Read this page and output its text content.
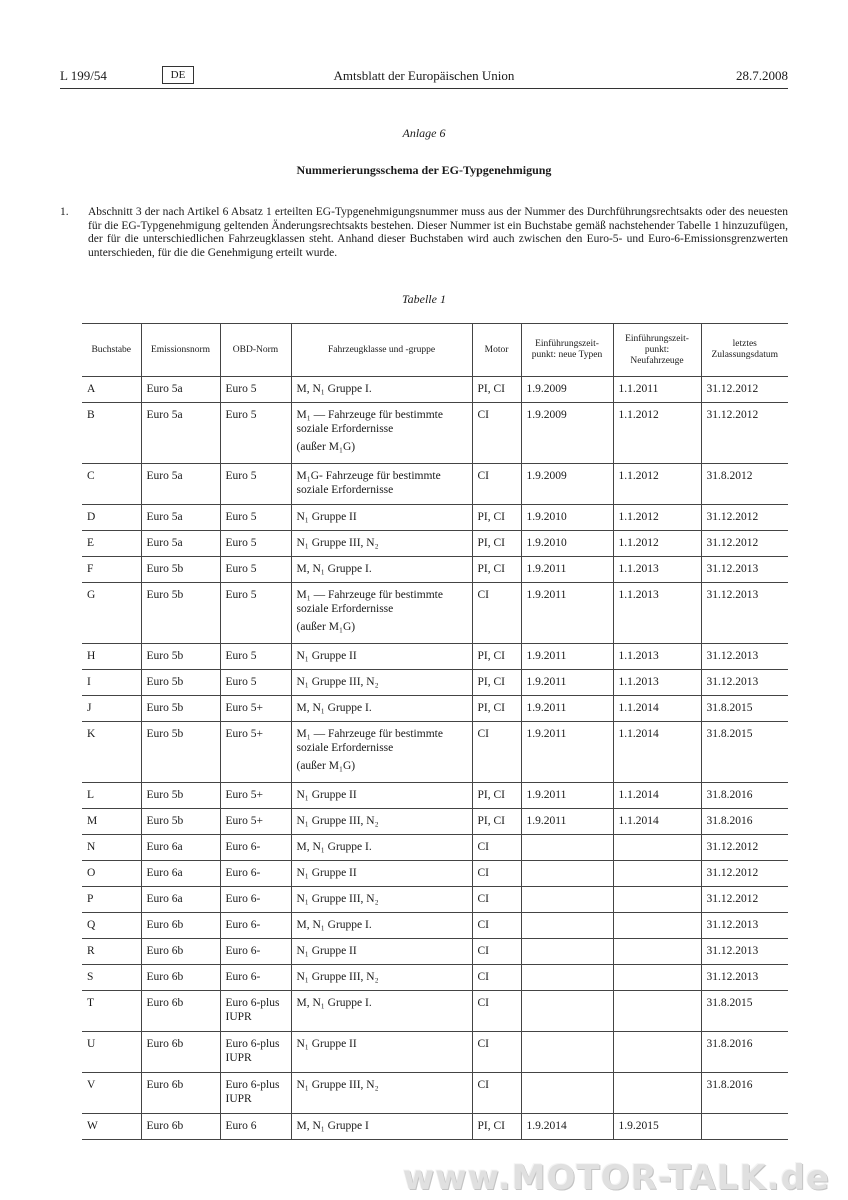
L 199/54	DE	Amtsblatt der Europäischen Union	28.7.2008
Anlage 6
Nummerierungsschema der EG-Typgenehmigung
1. Abschnitt 3 der nach Artikel 6 Absatz 1 erteilten EG-Typgenehmigungsnummer muss aus der Nummer des Durchführungsrechtsakts oder des neuesten für die EG-Typgenehmigung geltenden Änderungsrechtsakts bestehen. Dieser Nummer ist ein Buchstabe gemäß nachstehender Tabelle 1 hinzuzufügen, der für die unterschiedlichen Fahrzeugklassen steht. Anhand dieser Buchstaben wird auch zwischen den Euro-5- und Euro-6-Emissionsgrenzwerten unterschieden, für die die Genehmigung erteilt wurde.
Tabelle 1
Buchstabe	Emissionsnorm	OBD-Norm	Fahrzeugklasse und -gruppe	Motor	Einführungszeit-punkt: neue Typen	Einführungszeit-punkt: Neufahrzeuge	letztes Zulassungsdatum

A	Euro 5a	Euro 5	M, N₁ Gruppe I.	PI, CI	1.9.2009	1.1.2011	31.12.2012

B	Euro 5a	Euro 5	M₁ — Fahrzeuge für bestimmte soziale Erfordernisse
(außer M₁G)	CI	1.9.2009	1.1.2012	31.12.2012

C	Euro 5a	Euro 5	M₁G- Fahrzeuge für bestimmte soziale Erfordernisse	CI	1.9.2009	1.1.2012	31.8.2012

D	Euro 5a	Euro 5	N₁ Gruppe II	PI, CI	1.9.2010	1.1.2012	31.12.2012

E	Euro 5a	Euro 5	N₁ Gruppe III, N₂	PI, CI	1.9.2010	1.1.2012	31.12.2012

F	Euro 5b	Euro 5	M, N₁ Gruppe I.	PI, CI	1.9.2011	1.1.2013	31.12.2013

G	Euro 5b	Euro 5	M₁ — Fahrzeuge für bestimmte soziale Erfordernisse
(außer M₁G)	CI	1.9.2011	1.1.2013	31.12.2013

H	Euro 5b	Euro 5	N₁ Gruppe II	PI, CI	1.9.2011	1.1.2013	31.12.2013

I	Euro 5b	Euro 5	N₁ Gruppe III, N₂	PI, CI	1.9.2011	1.1.2013	31.12.2013

J	Euro 5b	Euro 5+	M, N₁ Gruppe I.	PI, CI	1.9.2011	1.1.2014	31.8.2015

K	Euro 5b	Euro 5+	M₁ — Fahrzeuge für bestimmte soziale Erfordernisse
(außer M₁G)	CI	1.9.2011	1.1.2014	31.8.2015

L	Euro 5b	Euro 5+	N₁ Gruppe II	PI, CI	1.9.2011	1.1.2014	31.8.2016

M	Euro 5b	Euro 5+	N₁ Gruppe III, N₂	PI, CI	1.9.2011	1.1.2014	31.8.2016

N	Euro 6a	Euro 6-	M, N₁ Gruppe I.	CI			31.12.2012

O	Euro 6a	Euro 6-	N₁ Gruppe II	CI			31.12.2012

P	Euro 6a	Euro 6-	N₁ Gruppe III, N₂	CI			31.12.2012

Q	Euro 6b	Euro 6-	M, N₁ Gruppe I.	CI			31.12.2013

R	Euro 6b	Euro 6-	N₁ Gruppe II	CI			31.12.2013

S	Euro 6b	Euro 6-	N₁ Gruppe III, N₂	CI			31.12.2013

T	Euro 6b	Euro 6-plus IUPR	M, N₁ Gruppe I.	CI			31.8.2015

U	Euro 6b	Euro 6-plus IUPR	N₁ Gruppe II	CI			31.8.2016

V	Euro 6b	Euro 6-plus IUPR	N₁ Gruppe III, N₂	CI			31.8.2016

W	Euro 6b	Euro 6	M, N₁ Gruppe I	PI, CI	1.9.2014	1.9.2015	

www.MOTOR-TALK.de
